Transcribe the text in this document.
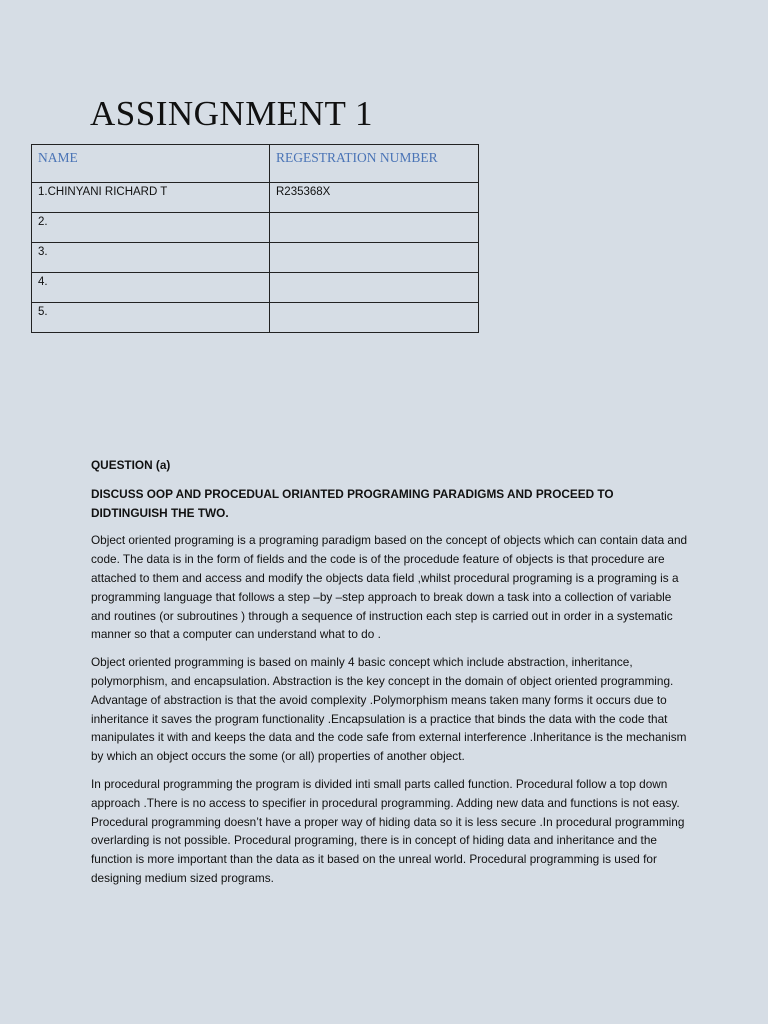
ASSINGNMENT 1
NAME	REGESTRATION NUMBER
1.CHINYANI RICHARD T	R235368X
2.	
3.	
4.	
5.	

QUESTION (a)

DISCUSS OOP AND PROCEDUAL ORIANTED PROGRAMING PARADIGMS AND PROCEED TO DIDTINGUISH THE TWO.

Object oriented programing is a programing paradigm based on the concept of objects which can contain data and code. The data is in the form of fields and the code is of the procedude feature of objects is that procedure are attached to them and access and modify the objects data field ,whilst procedural programing is a programing is a programming language that follows a step –by –step approach to break down a task into a collection of variable and routines (or subroutines ) through a sequence of instruction each step is carried out in order in a systematic manner so that a computer can understand what to do .

Object oriented programming is based on mainly 4 basic concept which include abstraction, inheritance, polymorphism, and encapsulation. Abstraction is the key concept in the domain of object oriented programming. Advantage of abstraction is that the avoid complexity .Polymorphism means taken many forms it occurs due to inheritance it saves the program functionality .Encapsulation is a practice that binds the data with the code that manipulates it with and keeps the data and the code safe from external interference .Inheritance is the mechanism by which an object occurs the some (or all) properties of another object.

In procedural programming the program is divided inti small parts called function. Procedural follow a top down approach .There is no access to specifier in procedural programming. Adding new data and functions is not easy. Procedural programming doesn’t have a proper way of hiding data so it is less secure .In procedural programming overlarding is not possible. Procedural programing, there is in concept of hiding data and inheritance and the function is more important than the data as it based on the unreal world. Procedural programming is used for designing medium sized programs.
